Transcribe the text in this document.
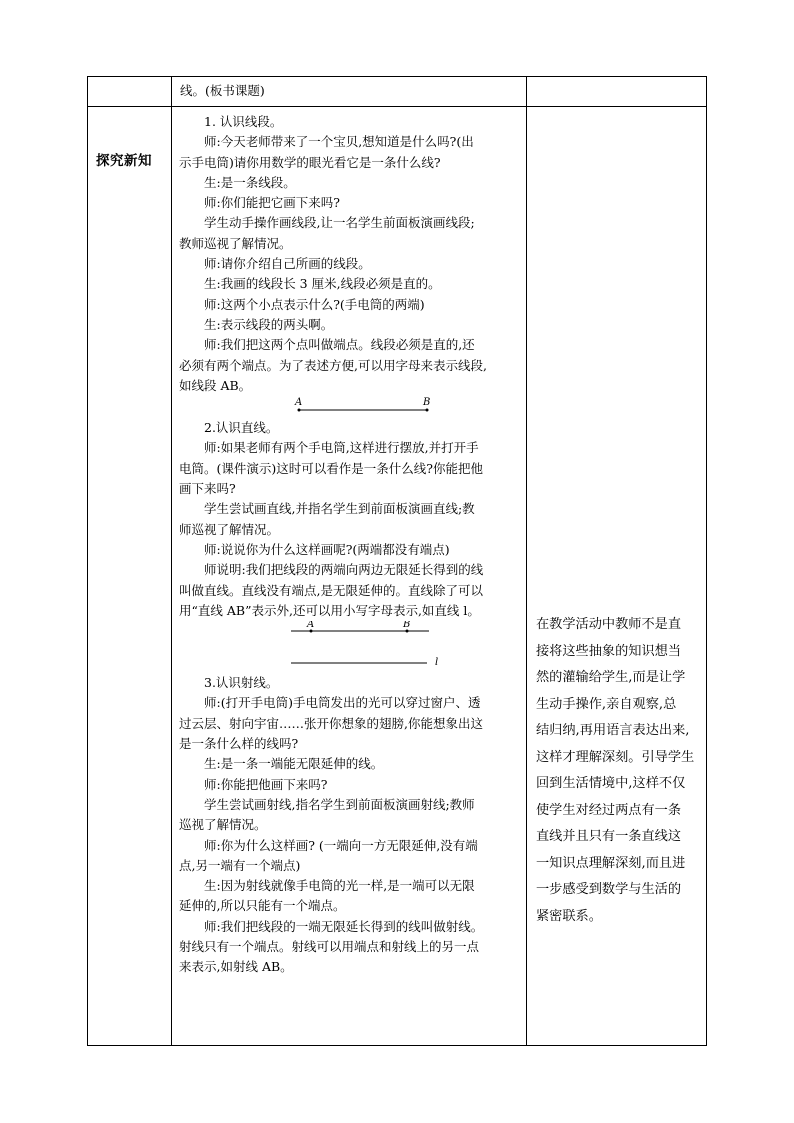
线。(板书课题)
探究新知

1. 认识线段。

师:今天老师带来了一个宝贝,想知道是什么吗?(出

示手电筒)请你用数学的眼光看它是一条什么线?

生:是一条线段。

师:你们能把它画下来吗?

学生动手操作画线段,让一名学生前面板演画线段;

教师巡视了解情况。

师:请你介绍自己所画的线段。

生:我画的线段长 3 厘米,线段必须是直的。

师:这两个小点表示什么?(手电筒的两端)

生:表示线段的两头啊。

师:我们把这两个点叫做端点。线段必须是直的,还

必须有两个端点。为了表述方便,可以用字母来表示线段,

如线段 AB。

A	B

2.认识直线。

师:如果老师有两个手电筒,这样进行摆放,并打开手

电筒。(课件演示)这时可以看作是一条什么线?你能把他

画下来吗?

学生尝试画直线,并指名学生到前面板演画直线;教

师巡视了解情况。

师:说说你为什么这样画呢?(两端都没有端点)

师说明:我们把线段的两端向两边无限延长得到的线

叫做直线。直线没有端点,是无限延伸的。直线除了可以

用“直线 AB”表示外,还可以用小写字母表示,如直线 l。

A	B
l

3.认识射线。

师:(打开手电筒)手电筒发出的光可以穿过窗户、透

过云层、射向宇宙……张开你想象的翅膀,你能想象出这

是一条什么样的线吗?

生:是一条一端能无限延伸的线。

师:你能把他画下来吗?

学生尝试画射线,指名学生到前面板演画射线;教师

巡视了解情况。

师:你为什么这样画? (一端向一方无限延伸,没有端

点,另一端有一个端点)

生:因为射线就像手电筒的光一样,是一端可以无限

延伸的,所以只能有一个端点。

师:我们把线段的一端无限延长得到的线叫做射线。

射线只有一个端点。射线可以用端点和射线上的另一点

来表示,如射线 AB。

在教学活动中教师不是直

接将这些抽象的知识想当

然的灌输给学生,而是让学

生动手操作,亲自观察,总

结归纳,再用语言表达出来,

这样才理解深刻。引导学生

回到生活情境中,这样不仅

使学生对经过两点有一条

直线并且只有一条直线这

一知识点理解深刻,而且进

一步感受到数学与生活的

紧密联系。
